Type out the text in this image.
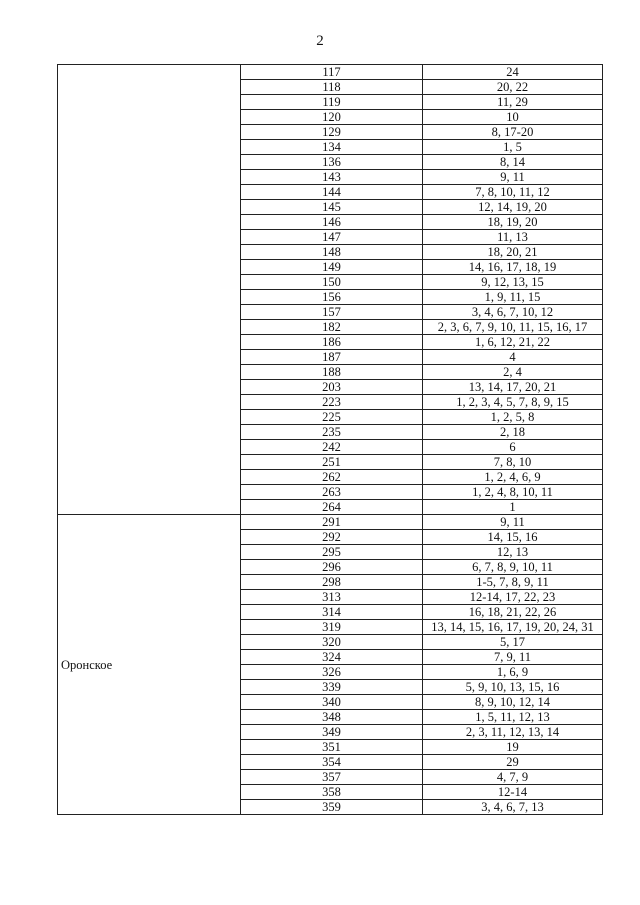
2
	117	24
	118	20, 22
	119	11, 29
	120	10
	129	8, 17-20
	134	1, 5
	136	8, 14
	143	9, 11
	144	7, 8, 10, 11, 12
	145	12, 14, 19, 20
	146	18, 19, 20
	147	11, 13
	148	18, 20, 21
	149	14, 16, 17, 18, 19
	150	9, 12, 13, 15
	156	1, 9, 11, 15
	157	3, 4, 6, 7, 10, 12
	182	2, 3, 6, 7, 9, 10, 11, 15, 16, 17
	186	1, 6, 12, 21, 22
	187	4
	188	2, 4
	203	13, 14, 17, 20, 21
	223	1, 2, 3, 4, 5, 7, 8, 9, 15
	225	1, 2, 5, 8
	235	2, 18
	242	6
	251	7, 8, 10
	262	1, 2, 4, 6, 9
	263	1, 2, 4, 8, 10, 11
	264	1
Оронское	291	9, 11
	292	14, 15, 16
	295	12, 13
	296	6, 7, 8, 9, 10, 11
	298	1-5, 7, 8, 9, 11
	313	12-14, 17, 22, 23
	314	16, 18, 21, 22, 26
	319	13, 14, 15, 16, 17, 19, 20, 24, 31
	320	5, 17
	324	7, 9, 11
	326	1, 6, 9
	339	5, 9, 10, 13, 15, 16
	340	8, 9, 10, 12, 14
	348	1, 5, 11, 12, 13
	349	2, 3, 11, 12, 13, 14
	351	19
	354	29
	357	4, 7, 9
	358	12-14
	359	3, 4, 6, 7, 13
